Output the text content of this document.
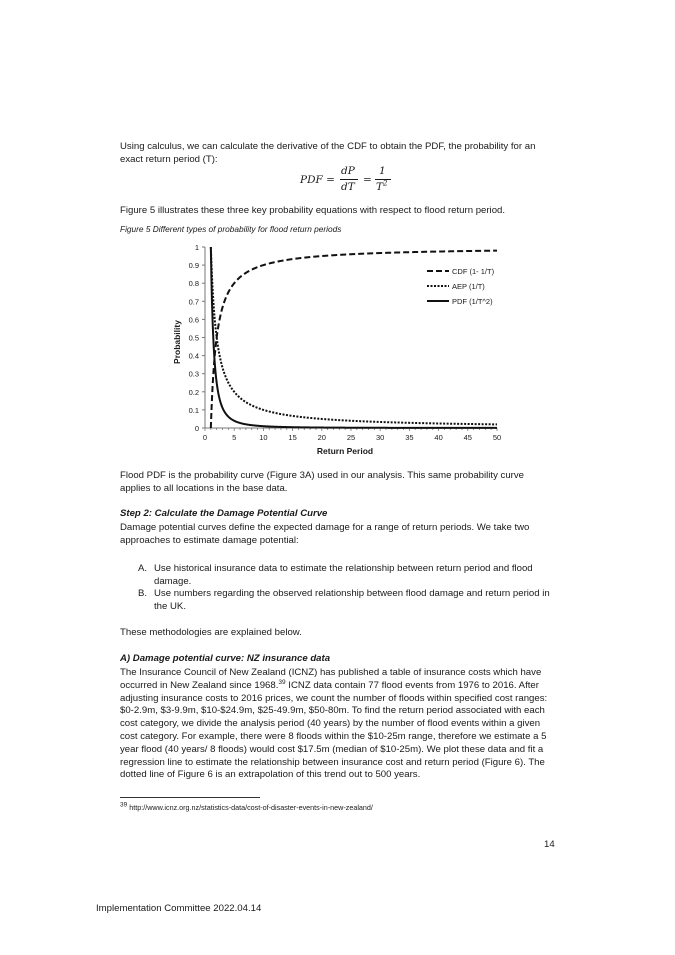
Using calculus, we can calculate the derivative of the CDF to obtain the PDF, the probability for an exact return period (T):

PDF =
dP
dT
=
1
$T^2$

Figure 5 illustrates these three key probability equations with respect to flood return period.

Figure 5 Different types of probability for flood return periods

0
0.1
0.2
0.3
0.4
0.5
0.6
0.7
0.8
0.9
1
0	5	10	15	20	25	30	35	40	45	50
CDF (1- 1/T)
AEP (1/T)
PDF (1/T^2)
Return Period
Probability

Flood PDF is the probability curve (Figure 3A) used in our analysis. This same probability curve applies to all locations in the base data.

Step 2: Calculate the Damage Potential Curve

Damage potential curves define the expected damage for a range of return periods. We take two approaches to estimate damage potential:

A. Use historical insurance data to estimate the relationship between return period and flood damage.
B. Use numbers regarding the observed relationship between flood damage and return period in the UK.

These methodologies are explained below.

A) Damage potential curve: NZ insurance data

The Insurance Council of New Zealand (ICNZ) has published a table of insurance costs which have occurred in New Zealand since 1968.39 ICNZ data contain 77 flood events from 1976 to 2016. After adjusting insurance costs to 2016 prices, we count the number of floods within specified cost ranges: $0-2.9m, $3-9.9m, $10-$24.9m, $25-49.9m, $50-80m. To find the return period associated with each cost category, we divide the analysis period (40 years) by the number of flood events within a given cost category. For example, there were 8 floods within the $10-25m range, therefore we estimate a 5 year flood (40 years/ 8 floods) would cost $17.5m (median of $10-25m). We plot these data and fit a regression line to estimate the relationship between insurance cost and return period (Figure 6). The dotted line of Figure 6 is an extrapolation of this trend out to 500 years.

$^{39}$ http://www.icnz.org.nz/statistics-data/cost-of-disaster-events-in-new-zealand/
14
Implementation Committee 2022.04.14
